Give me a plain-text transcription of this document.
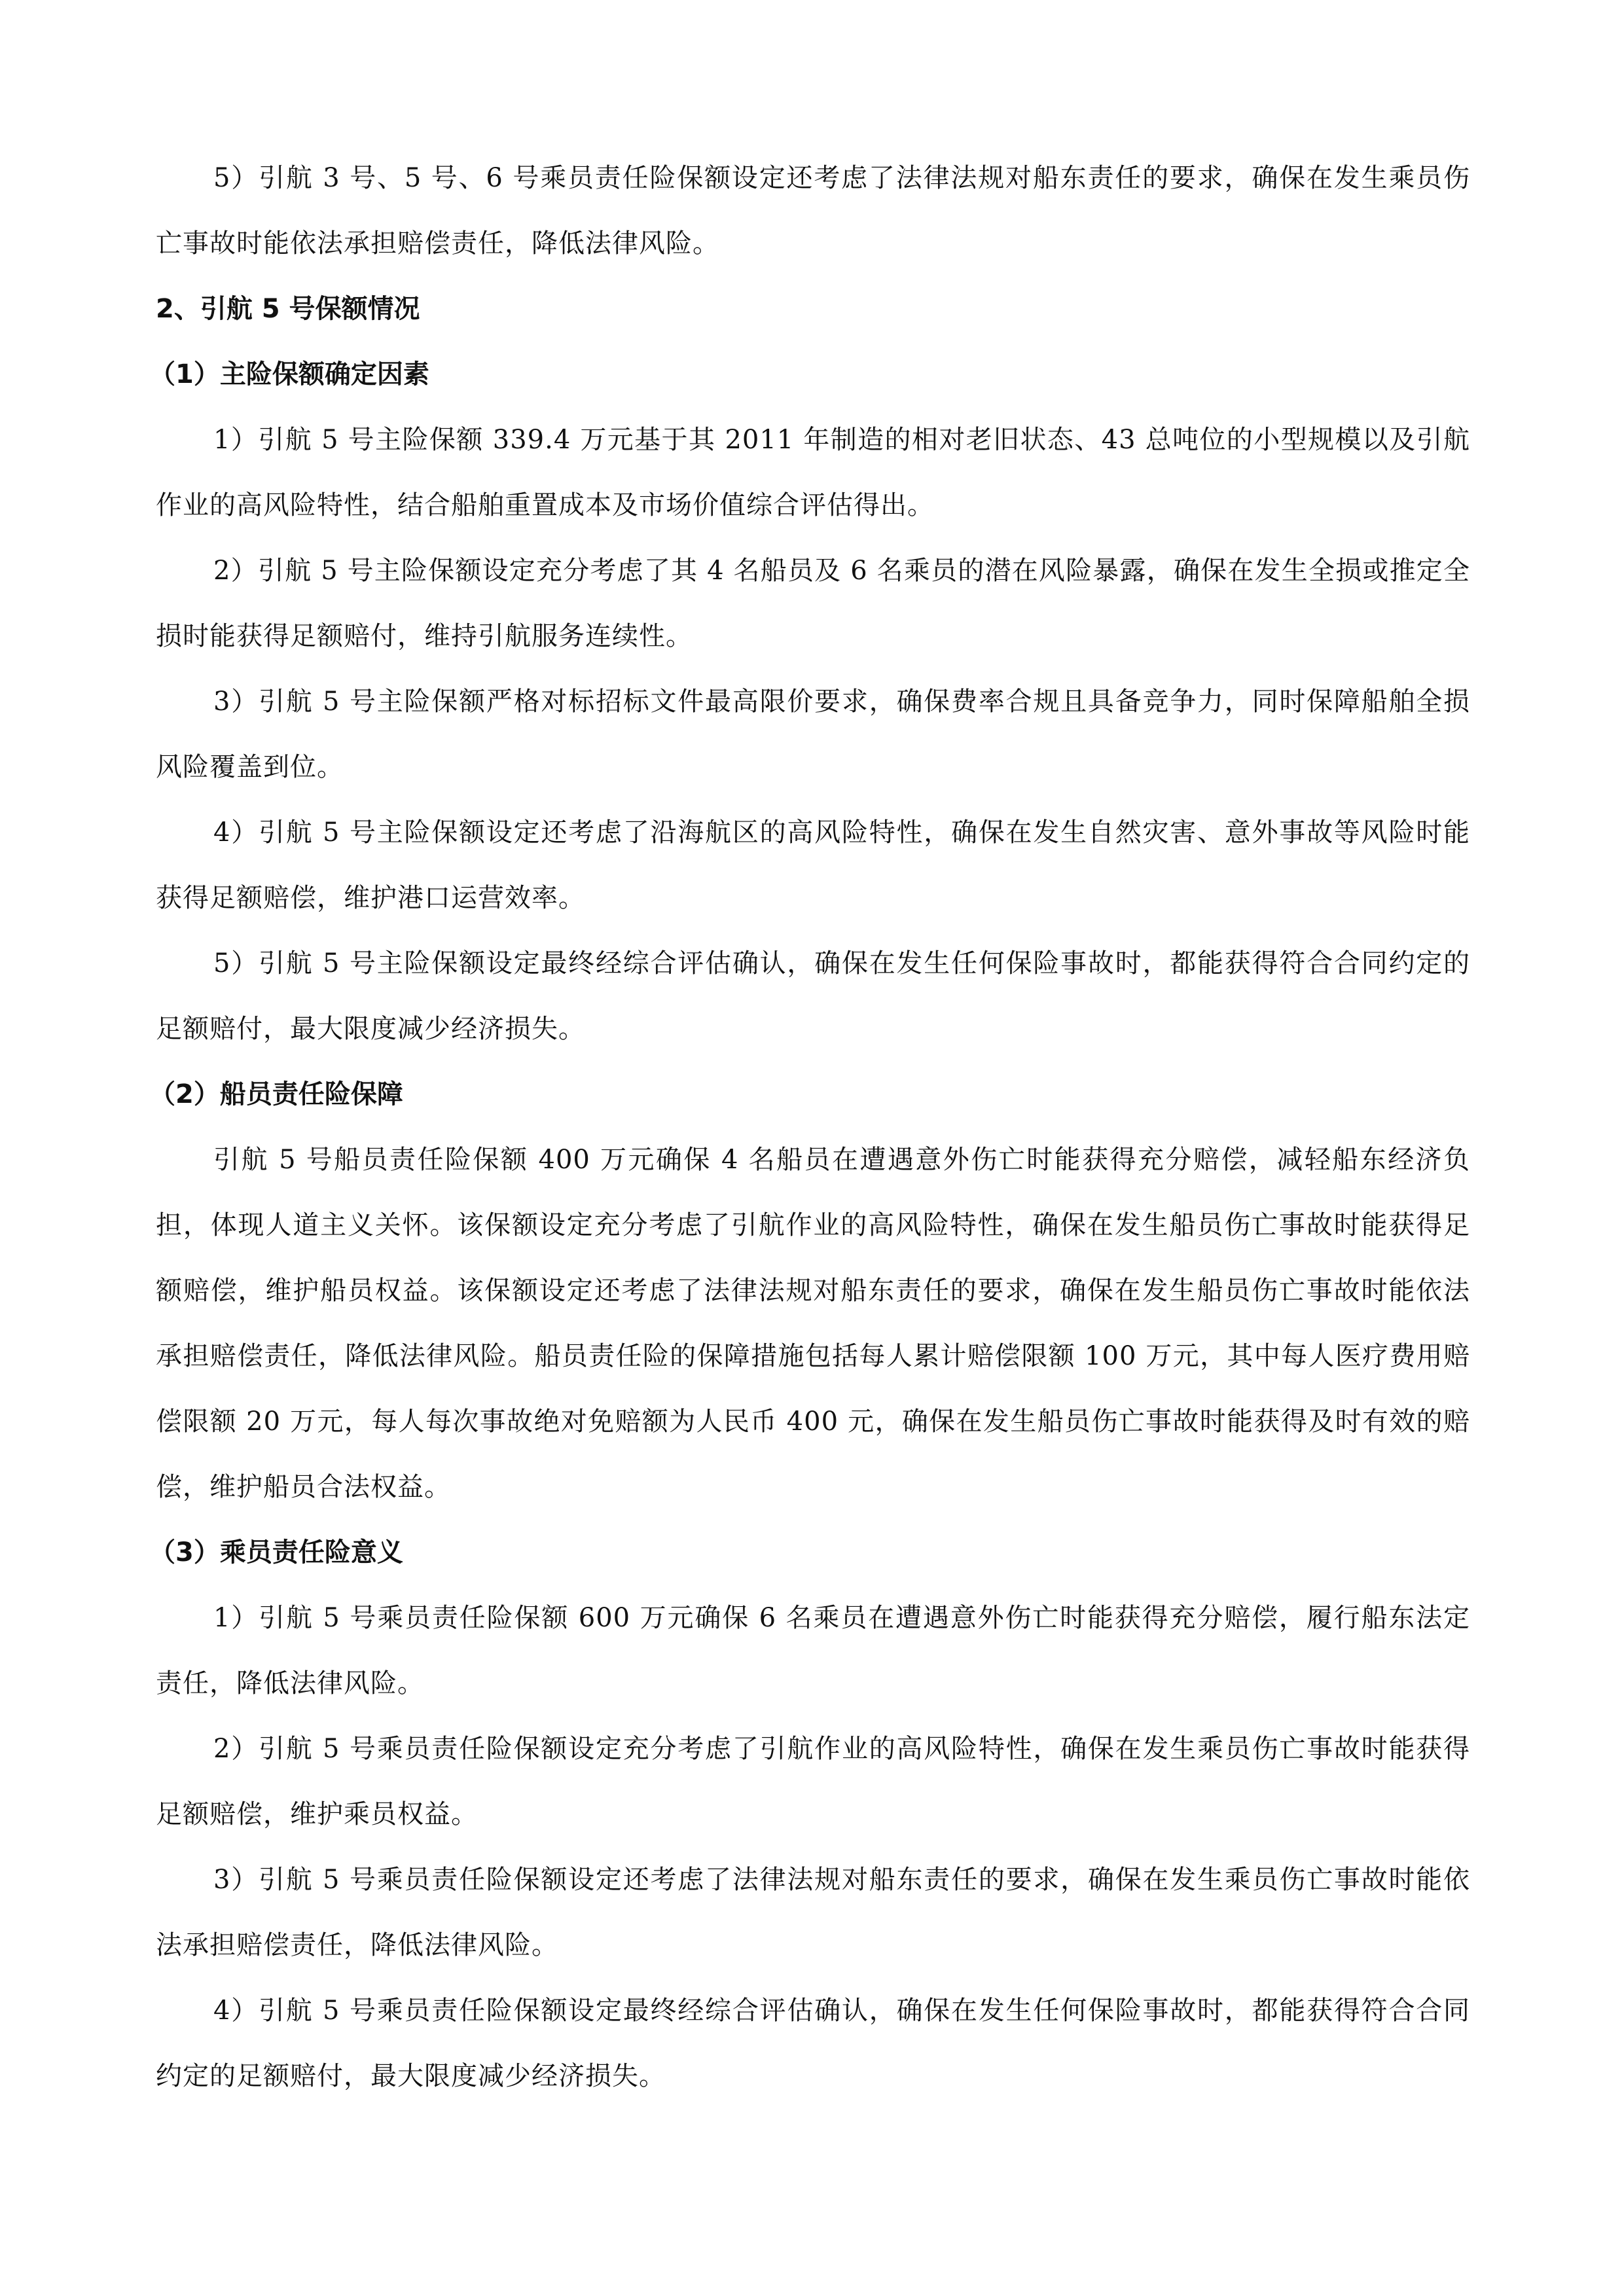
5）引航 3 号、5 号、6 号乘员责任险保额设定还考虑了法律法规对船东责任的要求，确保在发生乘员伤亡事故时能依法承担赔偿责任，降低法律风险。

2、引航 5 号保额情况

（1）主险保额确定因素

1）引航 5 号主险保额 339.4 万元基于其 2011 年制造的相对老旧状态、43 总吨位的小型规模以及引航作业的高风险特性，结合船舶重置成本及市场价值综合评估得出。

2）引航 5 号主险保额设定充分考虑了其 4 名船员及 6 名乘员的潜在风险暴露，确保在发生全损或推定全损时能获得足额赔付，维持引航服务连续性。

3）引航 5 号主险保额严格对标招标文件最高限价要求，确保费率合规且具备竞争力，同时保障船舶全损风险覆盖到位。

4）引航 5 号主险保额设定还考虑了沿海航区的高风险特性，确保在发生自然灾害、意外事故等风险时能获得足额赔偿，维护港口运营效率。

5）引航 5 号主险保额设定最终经综合评估确认，确保在发生任何保险事故时，都能获得符合合同约定的足额赔付，最大限度减少经济损失。

（2）船员责任险保障

引航 5 号船员责任险保额 400 万元确保 4 名船员在遭遇意外伤亡时能获得充分赔偿，减轻船东经济负担，体现人道主义关怀。该保额设定充分考虑了引航作业的高风险特性，确保在发生船员伤亡事故时能获得足额赔偿，维护船员权益。该保额设定还考虑了法律法规对船东责任的要求，确保在发生船员伤亡事故时能依法承担赔偿责任，降低法律风险。船员责任险的保障措施包括每人累计赔偿限额 100 万元，其中每人医疗费用赔偿限额 20 万元，每人每次事故绝对免赔额为人民币 400 元，确保在发生船员伤亡事故时能获得及时有效的赔偿，维护船员合法权益。

（3）乘员责任险意义

1）引航 5 号乘员责任险保额 600 万元确保 6 名乘员在遭遇意外伤亡时能获得充分赔偿，履行船东法定责任，降低法律风险。

2）引航 5 号乘员责任险保额设定充分考虑了引航作业的高风险特性，确保在发生乘员伤亡事故时能获得足额赔偿，维护乘员权益。

3）引航 5 号乘员责任险保额设定还考虑了法律法规对船东责任的要求，确保在发生乘员伤亡事故时能依法承担赔偿责任，降低法律风险。

4）引航 5 号乘员责任险保额设定最终经综合评估确认，确保在发生任何保险事故时，都能获得符合合同约定的足额赔付，最大限度减少经济损失。
